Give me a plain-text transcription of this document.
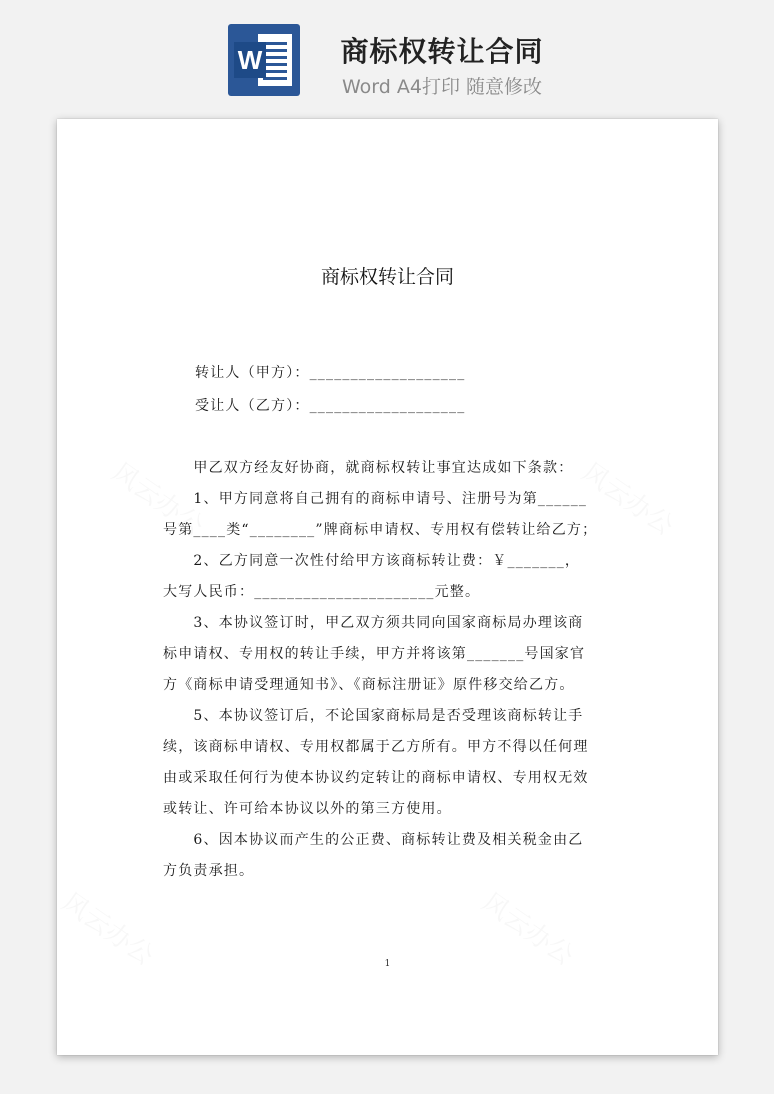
W	商标权转让合同
Word A4打印 随意修改
风云办公	风云办公
风云办公	风云办公
商标权转让合同
转让人（甲方）：___________________
受让人（乙方）：___________________
　　甲乙双方经友好协商，就商标权转让事宜达成如下条款：
　　1、甲方同意将自己拥有的商标申请号、注册号为第______
号第____类“________”牌商标申请权、专用权有偿转让给乙方；
　　2、乙方同意一次性付给甲方该商标转让费：￥_______，
大写人民币：______________________元整。
　　3、本协议签订时，甲乙双方须共同向国家商标局办理该商
标申请权、专用权的转让手续，甲方并将该第_______号国家官
方《商标申请受理通知书》、《商标注册证》原件移交给乙方。
　　5、本协议签订后，不论国家商标局是否受理该商标转让手
续，该商标申请权、专用权都属于乙方所有。甲方不得以任何理
由或采取任何行为使本协议约定转让的商标申请权、专用权无效
或转让、许可给本协议以外的第三方使用。
　　6、因本协议而产生的公正费、商标转让费及相关税金由乙
方负责承担。
1
